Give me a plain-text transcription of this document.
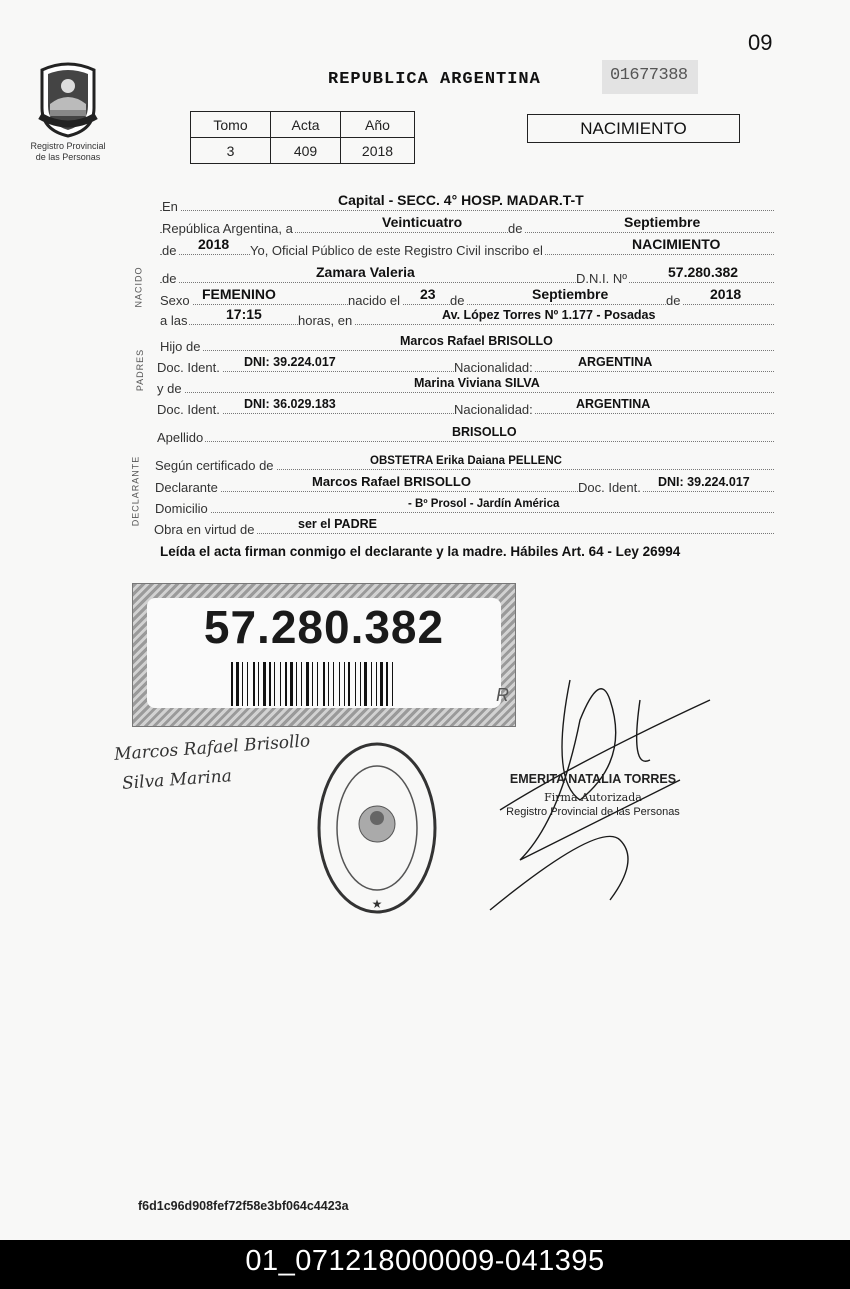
09
Registro Provincial
de las Personas
REPUBLICA ARGENTINA	01677388
Tomo	Acta	Año
3	409	2018
NACIMIENTO
En	Capital - SECC. 4° HOSP. MADAR.T-T
República Argentina, a	Veinticuatro	de	Septiembre
de 2018 Yo, Oficial Público de este Registro Civil inscribo el	NACIMIENTO
NACIDO de	Zamara Valeria	D.N.I. Nº	57.280.382
Sexo FEMENINO	nacido el 23 de	Septiembre	de 2018
a las	17:15	horas, en	Av. López Torres Nº 1.177 - Posadas
PADRES
Hijo de	Marcos Rafael BRISOLLO
Doc. Ident. DNI: 39.224.017	Nacionalidad:	ARGENTINA
y de	Marina Viviana SILVA
Doc. Ident. DNI: 36.029.183	Nacionalidad:	ARGENTINA
Apellido	BRISOLLO
DECLARANTE Según certificado de	OBSTETRA Erika Daiana PELLENC
Declarante	Marcos Rafael BRISOLLO	Doc. Ident. DNI: 39.224.017
Domicilio	- Bº Prosol - Jardín América
Obra en virtud de	ser el PADRE
Leída el acta firman conmigo el declarante y la madre. Hábiles Art. 64 - Ley 26994
57.280.382
R
Marcos Rafael Brisollo
Silva Marina
★
EMERITA NATALIA TORRES
Firma Autorizada
Registro Provincial de las Personas
f6d1c96d908fef72f58e3bf064c4423a
01_071218000009-041395
